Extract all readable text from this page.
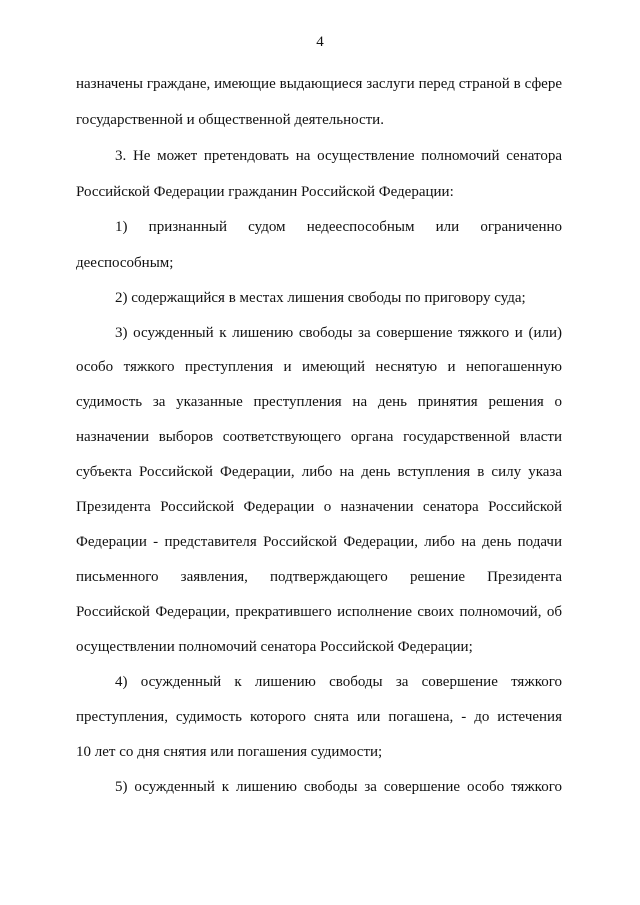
4
назначены граждане, имеющие выдающиеся заслуги перед страной в сфере
государственной и общественной деятельности.
3. Не может претендовать на осуществление полномочий сенатора
Российской Федерации гражданин Российской Федерации:
1) признанный судом недееспособным или ограниченно
дееспособным;
2) содержащийся в местах лишения свободы по приговору суда;
3) осужденный к лишению свободы за совершение тяжкого и (или)
особо тяжкого преступления и имеющий неснятую и непогашенную
судимость за указанные преступления на день принятия решения о
назначении выборов соответствующего органа государственной власти
субъекта Российской Федерации, либо на день вступления в силу указа
Президента Российской Федерации о назначении сенатора Российской
Федерации - представителя Российской Федерации, либо на день подачи
письменного заявления, подтверждающего решение Президента
Российской Федерации, прекратившего исполнение своих полномочий, об
осуществлении полномочий сенатора Российской Федерации;
4) осужденный к лишению свободы за совершение тяжкого
преступления, судимость которого снята или погашена, - до истечения
10 лет со дня снятия или погашения судимости;
5) осужденный к лишению свободы за совершение особо тяжкого
